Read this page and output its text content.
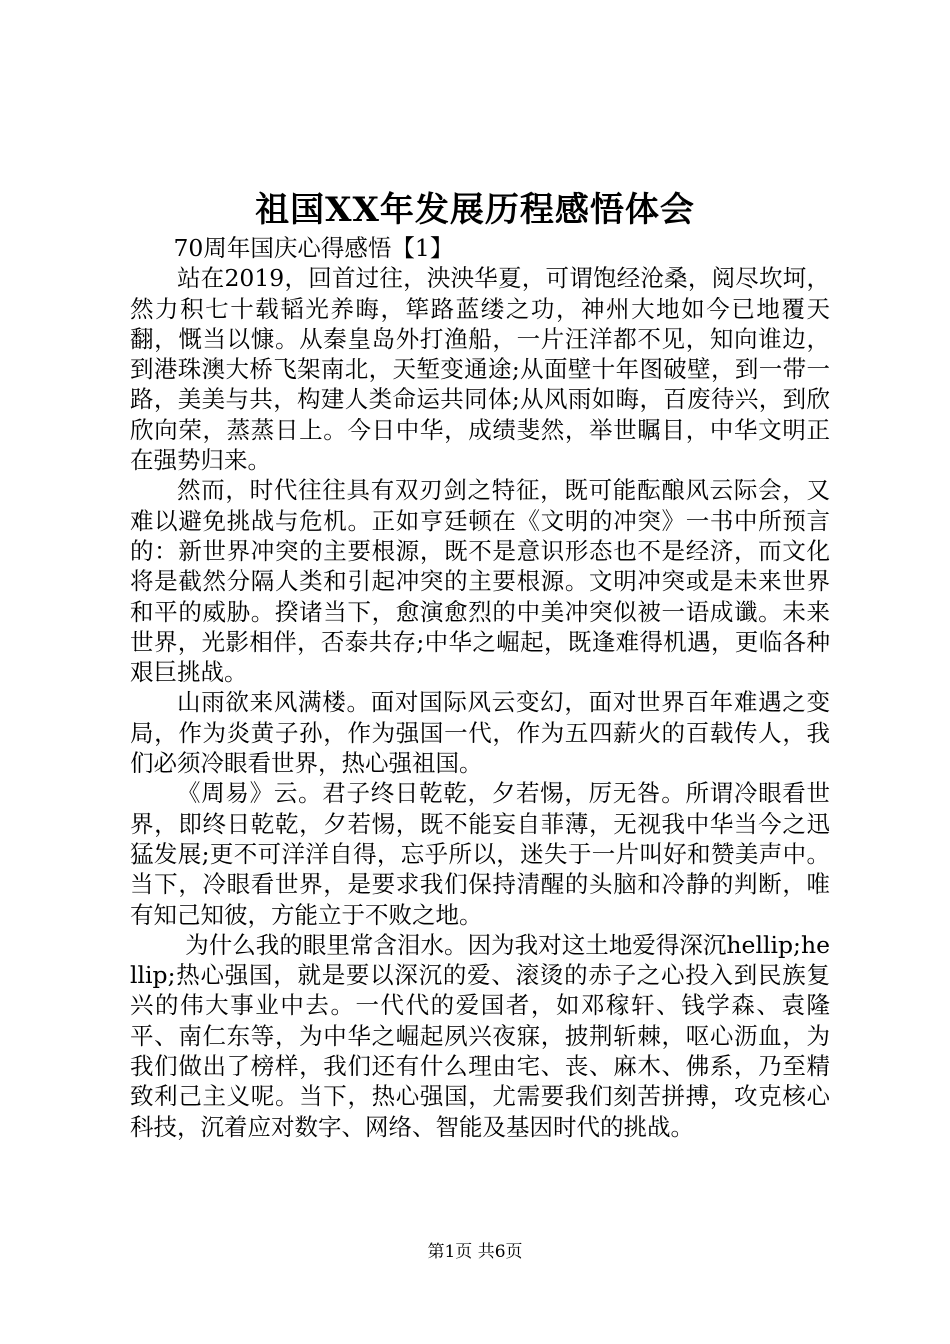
祖国XX年发展历程感悟体会

70周年国庆心得感悟【1】

站在2019，回首过往，泱泱华夏，可谓饱经沧桑，阅尽坎坷，然力积七十载韬光养晦，筚路蓝缕之功，神州大地如今已地覆天翻，慨当以慷。从秦皇岛外打渔船，一片汪洋都不见，知向谁边，到港珠澳大桥飞架南北，天堑变通途;从面壁十年图破壁，到一带一路，美美与共，构建人类命运共同体;从风雨如晦，百废待兴，到欣欣向荣，蒸蒸日上。今日中华，成绩斐然，举世瞩目，中华文明正在强势归来。

然而，时代往往具有双刃剑之特征，既可能酝酿风云际会，又难以避免挑战与危机。正如亨廷顿在《文明的冲突》一书中所预言的：新世界冲突的主要根源，既不是意识形态也不是经济，而文化将是截然分隔人类和引起冲突的主要根源。文明冲突或是未来世界和平的威胁。揆诸当下，愈演愈烈的中美冲突似被一语成谶。未来世界，光影相伴，否泰共存;中华之崛起，既逢难得机遇，更临各种艰巨挑战。

山雨欲来风满楼。面对国际风云变幻，面对世界百年难遇之变局，作为炎黄子孙，作为强国一代，作为五四薪火的百载传人，我们必须冷眼看世界，热心强祖国。

《周易》云。君子终日乾乾，夕若惕，厉无咎。所谓冷眼看世界，即终日乾乾，夕若惕，既不能妄自菲薄，无视我中华当今之迅猛发展;更不可洋洋自得，忘乎所以，迷失于一片叫好和赞美声中。当下，冷眼看世界，是要求我们保持清醒的头脑和冷静的判断，唯有知己知彼，方能立于不败之地。

为什么我的眼里常含泪水。因为我对这土地爱得深沉hellip;hellip;热心强国，就是要以深沉的爱、滚烫的赤子之心投入到民族复兴的伟大事业中去。一代代的爱国者，如邓稼轩、钱学森、袁隆平、南仁东等，为中华之崛起夙兴夜寐，披荆斩棘，呕心沥血，为我们做出了榜样，我们还有什么理由宅、丧、麻木、佛系，乃至精致利己主义呢。当下，热心强国，尤需要我们刻苦拼搏，攻克核心科技，沉着应对数字、网络、智能及基因时代的挑战。

第1页 共6页
